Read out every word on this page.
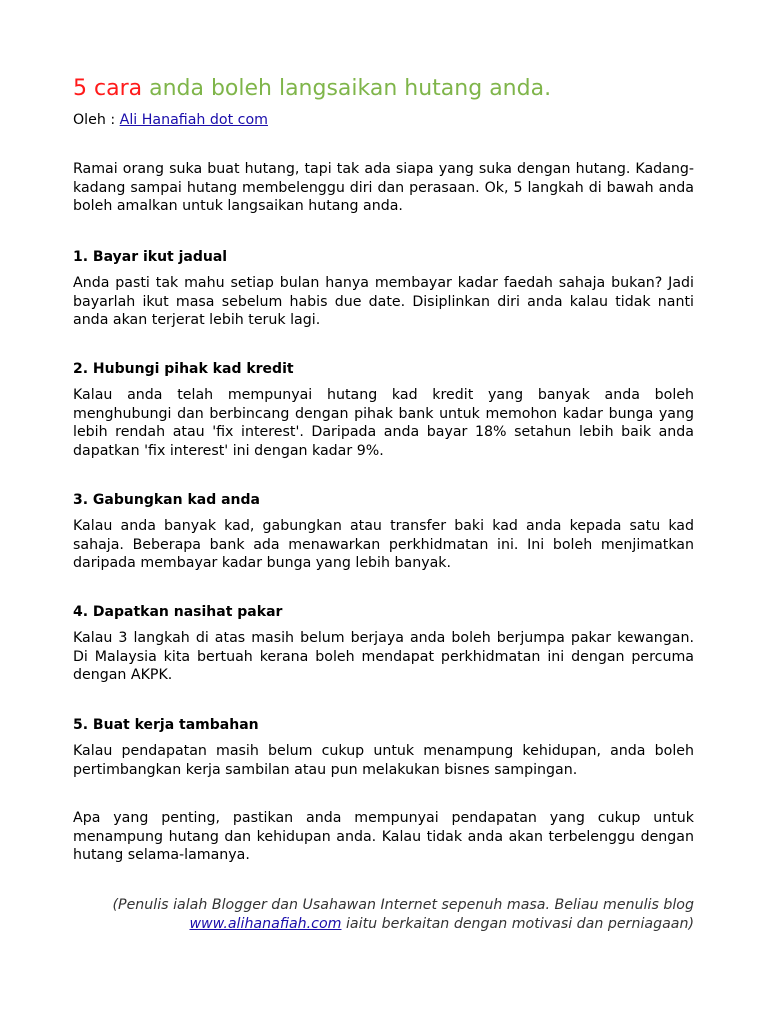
5 cara anda boleh langsaikan hutang anda.
Oleh : Ali Hanafiah dot com

Ramai orang suka buat hutang, tapi tak ada siapa yang suka dengan hutang. Kadang-kadang sampai hutang membelenggu diri dan perasaan. Ok, 5 langkah di bawah anda boleh amalkan untuk langsaikan hutang anda.

1. Bayar ikut jadual

Anda pasti tak mahu setiap bulan hanya membayar kadar faedah sahaja bukan? Jadi bayarlah ikut masa sebelum habis due date. Disiplinkan diri anda kalau tidak nanti anda akan terjerat lebih teruk lagi.

2. Hubungi pihak kad kredit

Kalau anda telah mempunyai hutang kad kredit yang banyak anda boleh menghubungi dan berbincang dengan pihak bank untuk memohon kadar bunga yang lebih rendah atau 'fix interest'. Daripada anda bayar 18% setahun lebih baik anda dapatkan 'fix interest' ini dengan kadar 9%.

3. Gabungkan kad anda

Kalau anda banyak kad, gabungkan atau transfer baki kad anda kepada satu kad sahaja. Beberapa bank ada menawarkan perkhidmatan ini. Ini boleh menjimatkan daripada membayar kadar bunga yang lebih banyak.

4. Dapatkan nasihat pakar

Kalau 3 langkah di atas masih belum berjaya anda boleh berjumpa pakar kewangan. Di Malaysia kita bertuah kerana boleh mendapat perkhidmatan ini dengan percuma dengan AKPK.

5. Buat kerja tambahan

Kalau pendapatan masih belum cukup untuk menampung kehidupan, anda boleh pertimbangkan kerja sambilan atau pun melakukan bisnes sampingan.

Apa yang penting, pastikan anda mempunyai pendapatan yang cukup untuk menampung hutang dan kehidupan anda. Kalau tidak anda akan terbelenggu dengan hutang selama-lamanya.

(Penulis ialah Blogger dan Usahawan Internet sepenuh masa. Beliau menulis blog
www.alihanafiah.com iaitu berkaitan dengan motivasi dan perniagaan)
